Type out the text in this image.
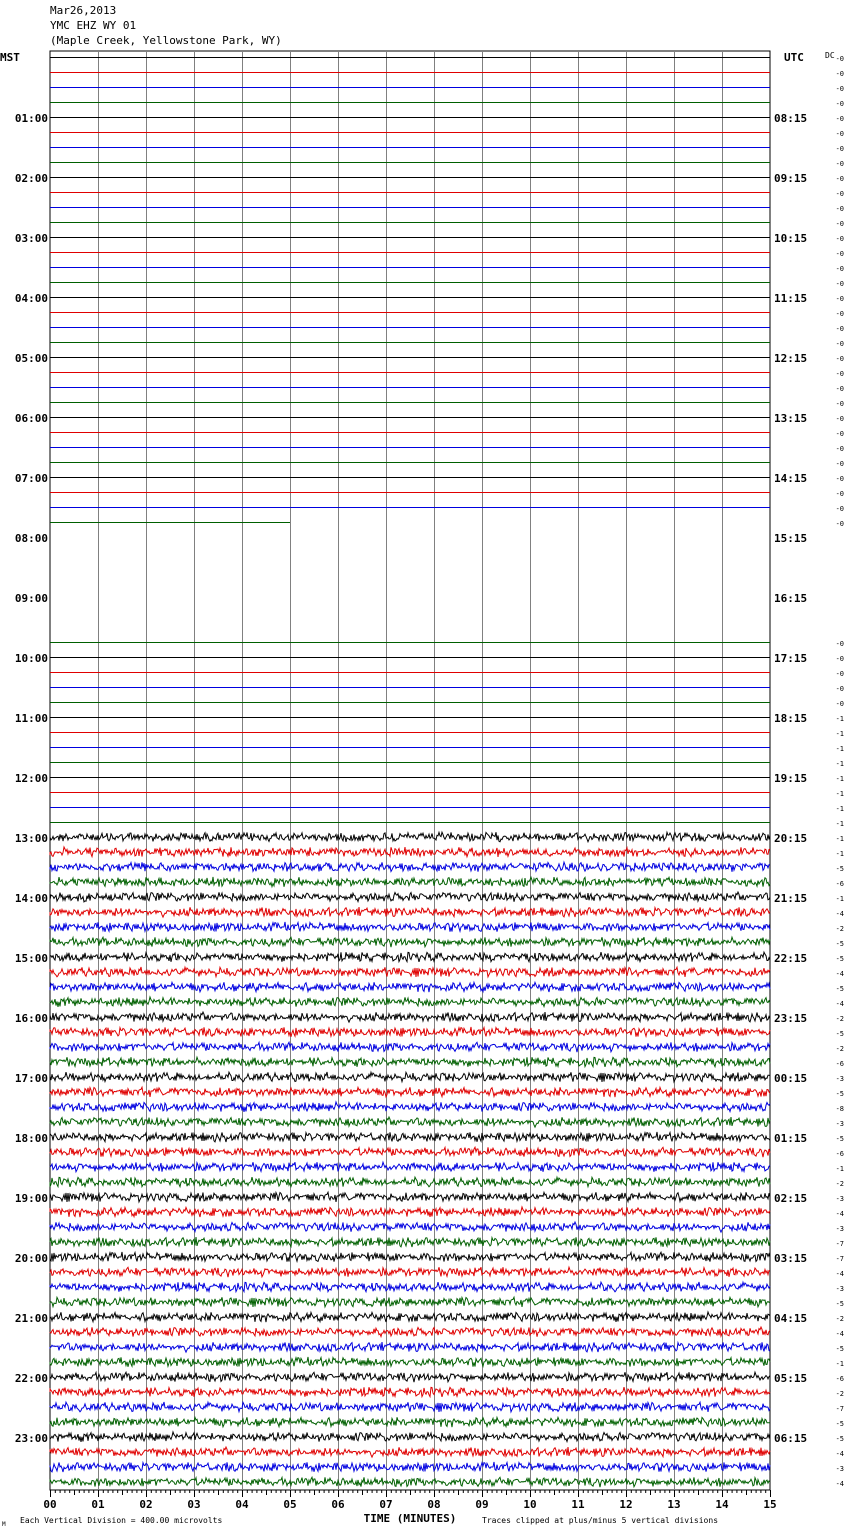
Mar26,2013
YMC EHZ WY 01
(Maple Creek, Yellowstone Park, WY)
MST	UTC	DC
01:00
02:00
03:00
04:00
05:00
06:00
07:00
08:00
09:00
10:00
11:00
12:00
13:00
14:00
15:00
16:00
17:00
18:00
19:00
20:00
21:00
22:00
23:00
08:15
09:15
10:15
11:15
12:15
13:15
14:15
15:15
16:15
17:15
18:15
19:15
20:15
21:15
22:15
23:15
00:15
01:15
02:15
03:15
04:15
05:15
06:15
-0
-0
-0
-0
-0
-0
-0
-0
-0
-0
-0
-0
-0
-0
-0
-0
-0
-0
-0
-0
-0
-0
-0
-0
-0
-0
-0
-0
-0
-0
-0
-0
-0
-0
-0
-0
-0
-1
-1
-1
-1
-1
-1
-1
-1
-1
-1
-5
-6
-1
-4
-2
-5
-5
-4
-5
-4
-2
-5
-2
-6
-3
-5
-8
-3
-5
-6
-1
-2
-3
-4
-3
-7
-7
-4
-3
-5
-2
-4
-5
-1
-6
-2
-7
-5
-5
-4
-3
-4
00	01	02	03	04	05	06	07	08	09	10	11	12	13	14	15
TIME (MINUTES)
Each Vertical Division = 400.00 microvolts	Traces clipped at plus/minus 5 vertical divisions
M
